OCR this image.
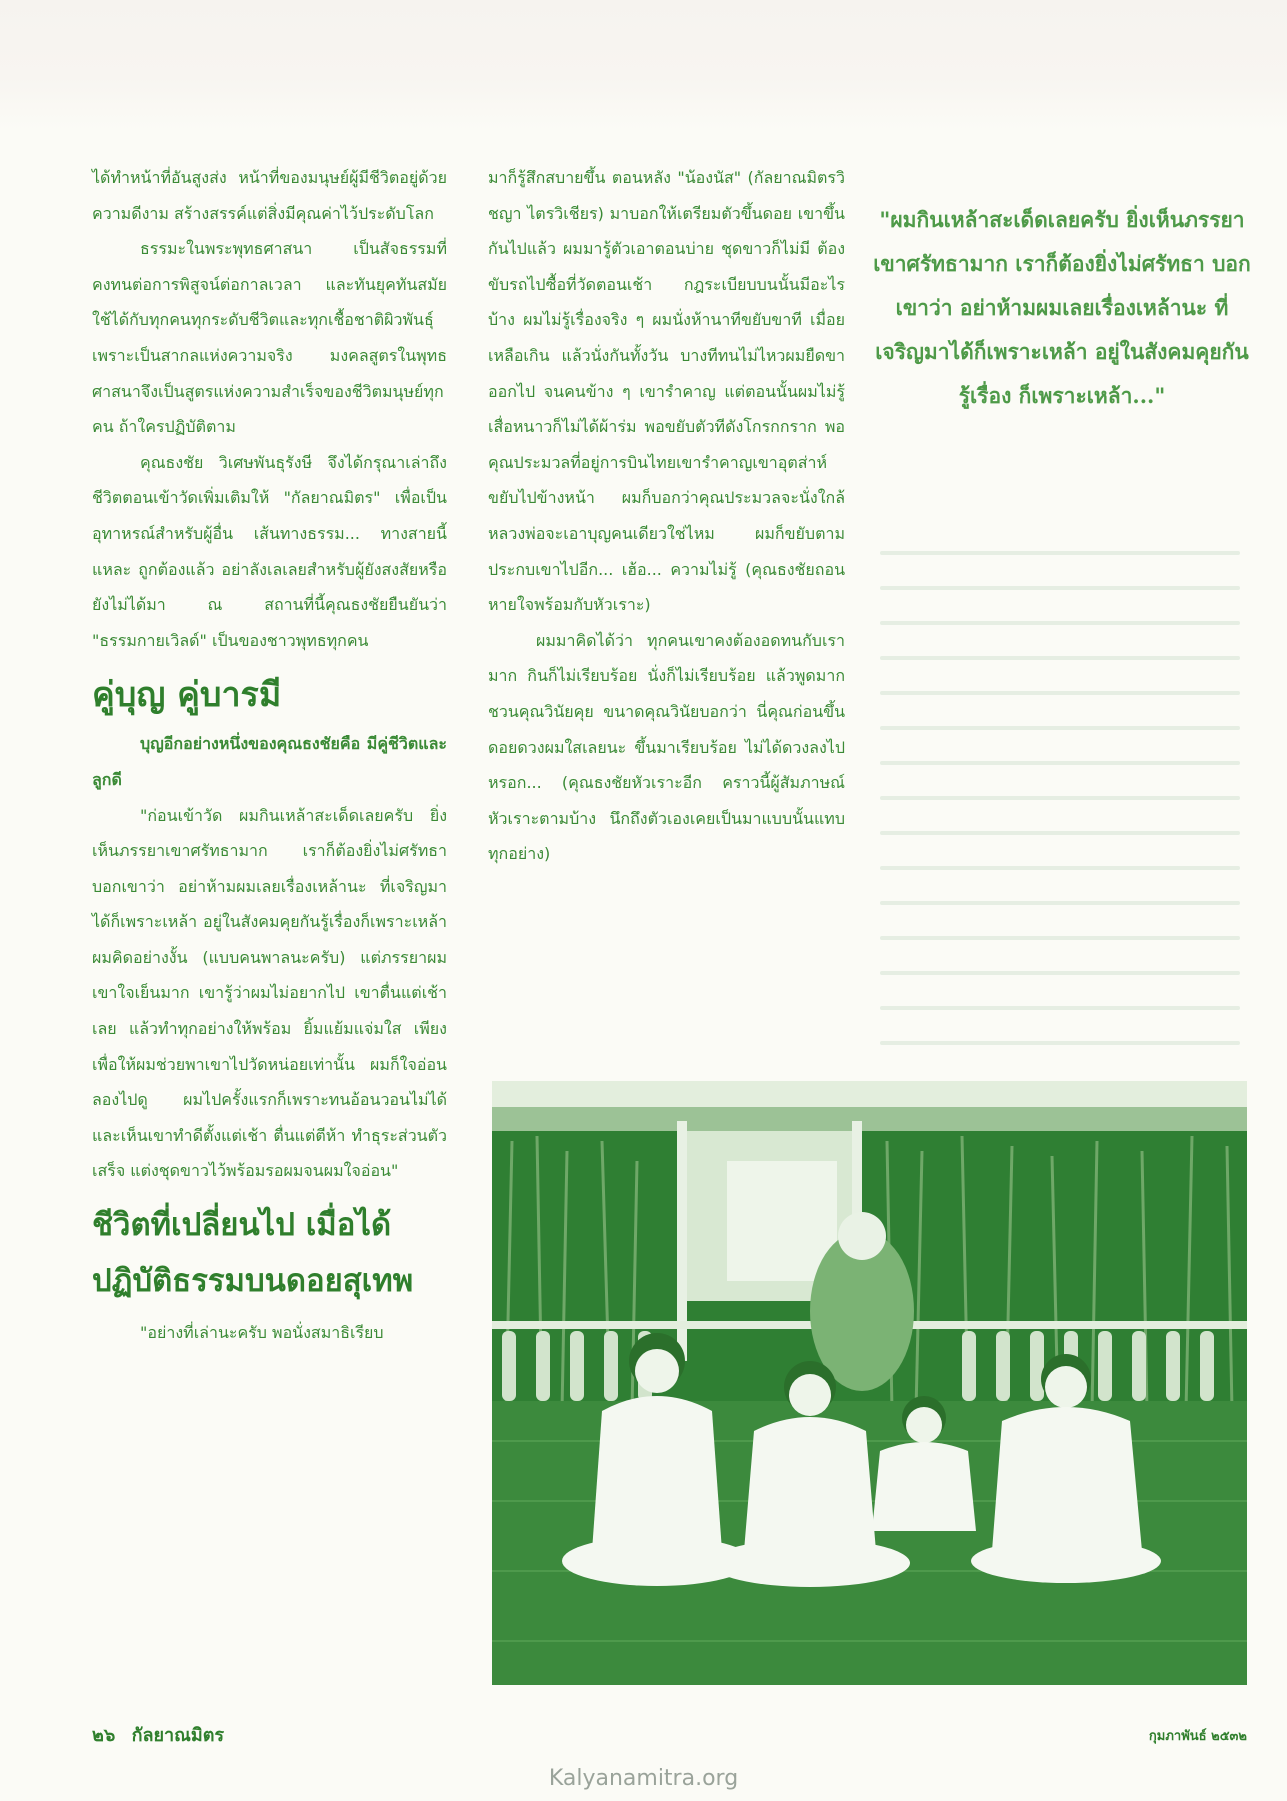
ได้ทำหน้าที่อันสูงส่ง หน้าที่ของมนุษย์ผู้มีชีวิตอยู่ด้วยความดีงาม สร้างสรรค์แต่สิ่งมีคุณค่าไว้ประดับโลก

ธรรมะในพระพุทธศาสนา เป็นสัจธรรมที่คงทนต่อการพิสูจน์ต่อกาลเวลา และทันยุคทันสมัย ใช้ได้กับทุกคนทุกระดับชีวิตและทุกเชื้อชาติผิวพันธุ์ เพราะเป็นสากลแห่งความจริง มงคลสูตรในพุทธศาสนาจึงเป็นสูตรแห่งความสำเร็จของชีวิตมนุษย์ทุกคน ถ้าใครปฏิบัติตาม

คุณธงชัย วิเศษพันธุรังษี จึงได้กรุณาเล่าถึงชีวิตตอนเข้าวัดเพิ่มเติมให้ "กัลยาณมิตร" เพื่อเป็นอุทาหรณ์สำหรับผู้อื่น เส้นทางธรรม... ทางสายนี้แหละ ถูกต้องแล้ว อย่าลังเลเลยสำหรับผู้ยังสงสัยหรือยังไม่ได้มา ณ สถานที่นี้คุณธงชัยยืนยันว่า "ธรรมกายเวิลด์" เป็นของชาวพุทธทุกคน

คู่บุญ คู่บารมี

บุญอีกอย่างหนึ่งของคุณธงชัยคือ มีคู่ชีวิตและลูกดี

"ก่อนเข้าวัด ผมกินเหล้าสะเด็ดเลยครับ ยิ่งเห็นภรรยาเขาศรัทธามาก เราก็ต้องยิ่งไม่ศรัทธา บอกเขาว่า อย่าห้ามผมเลยเรื่องเหล้านะ ที่เจริญมาได้ก็เพราะเหล้า อยู่ในสังคมคุยกันรู้เรื่องก็เพราะเหล้า ผมคิดอย่างงั้น (แบบคนพาลนะครับ) แต่ภรรยาผมเขาใจเย็นมาก เขารู้ว่าผมไม่อยากไป เขาตื่นแต่เช้าเลย แล้วทำทุกอย่างให้พร้อม ยิ้มแย้มแจ่มใส เพียงเพื่อให้ผมช่วยพาเขาไปวัดหน่อยเท่านั้น ผมก็ใจอ่อนลองไปดู ผมไปครั้งแรกก็เพราะทนอ้อนวอนไม่ได้ และเห็นเขาทำดีตั้งแต่เช้า ตื่นแต่ตีห้า ทำธุระส่วนตัวเสร็จ แต่งชุดขาวไว้พร้อมรอผมจนผมใจอ่อน"

ชีวิตที่เปลี่ยนไป เมื่อได้ปฏิบัติธรรมบนดอยสุเทพ

"อย่างที่เล่านะครับ พอนั่งสมาธิเรียบ

มาก็รู้สึกสบายขึ้น ตอนหลัง "น้องนัส" (กัลยาณมิตรวิชญา ไตรวิเชียร) มาบอกให้เตรียมตัวขึ้นดอย เขาขึ้นกันไปแล้ว ผมมารู้ตัวเอาตอนบ่าย ชุดขาวก็ไม่มี ต้องขับรถไปซื้อที่วัดตอนเช้า กฎระเบียบบนนั้นมีอะไรบ้าง ผมไม่รู้เรื่องจริง ๆ ผมนั่งห้านาทีขยับขาที เมื่อยเหลือเกิน แล้วนั่งกันทั้งวัน บางทีทนไม่ไหวผมยืดขาออกไป จนคนข้าง ๆ เขารำคาญ แต่ตอนนั้นผมไม่รู้ เสื่อหนาวก็ไม่ได้ผ้าร่ม พอขยับตัวทีดังโกรกกราก พอคุณประมวลที่อยู่การบินไทยเขารำคาญเขาอุตส่าห์ขยับไปข้างหน้า ผมก็บอกว่าคุณประมวลจะนั่งใกล้หลวงพ่อจะเอาบุญคนเดียวใช่ไหม ผมก็ขยับตามประกบเขาไปอีก... เฮ้อ... ความไม่รู้ (คุณธงชัยถอนหายใจพร้อมกับหัวเราะ)

ผมมาคิดได้ว่า ทุกคนเขาคงต้องอดทนกับเรามาก กินก็ไม่เรียบร้อย นั่งก็ไม่เรียบร้อย แล้วพูดมาก ชวนคุณวินัยคุย ขนาดคุณวินัยบอกว่า นี่คุณก่อนขึ้นดอยดวงผมใสเลยนะ ขึ้นมาเรียบร้อย ไม่ได้ดวงลงไปหรอก... (คุณธงชัยหัวเราะอีก คราวนี้ผู้สัมภาษณ์หัวเราะตามบ้าง นึกถึงตัวเองเคยเป็นมาแบบนั้นแทบทุกอย่าง)

"ผมกินเหล้าสะเด็ดเลยครับ ยิ่งเห็นภรรยาเขาศรัทธามาก เราก็ต้องยิ่งไม่ศรัทธา บอกเขาว่า อย่าห้ามผมเลยเรื่องเหล้านะ ที่เจริญมาได้ก็เพราะเหล้า อยู่ในสังคมคุยกันรู้เรื่อง ก็เพราะเหล้า..."
๒๖ กัลยาณมิตร	กุมภาพันธ์ ๒๕๓๒
Kalyanamitra.org
